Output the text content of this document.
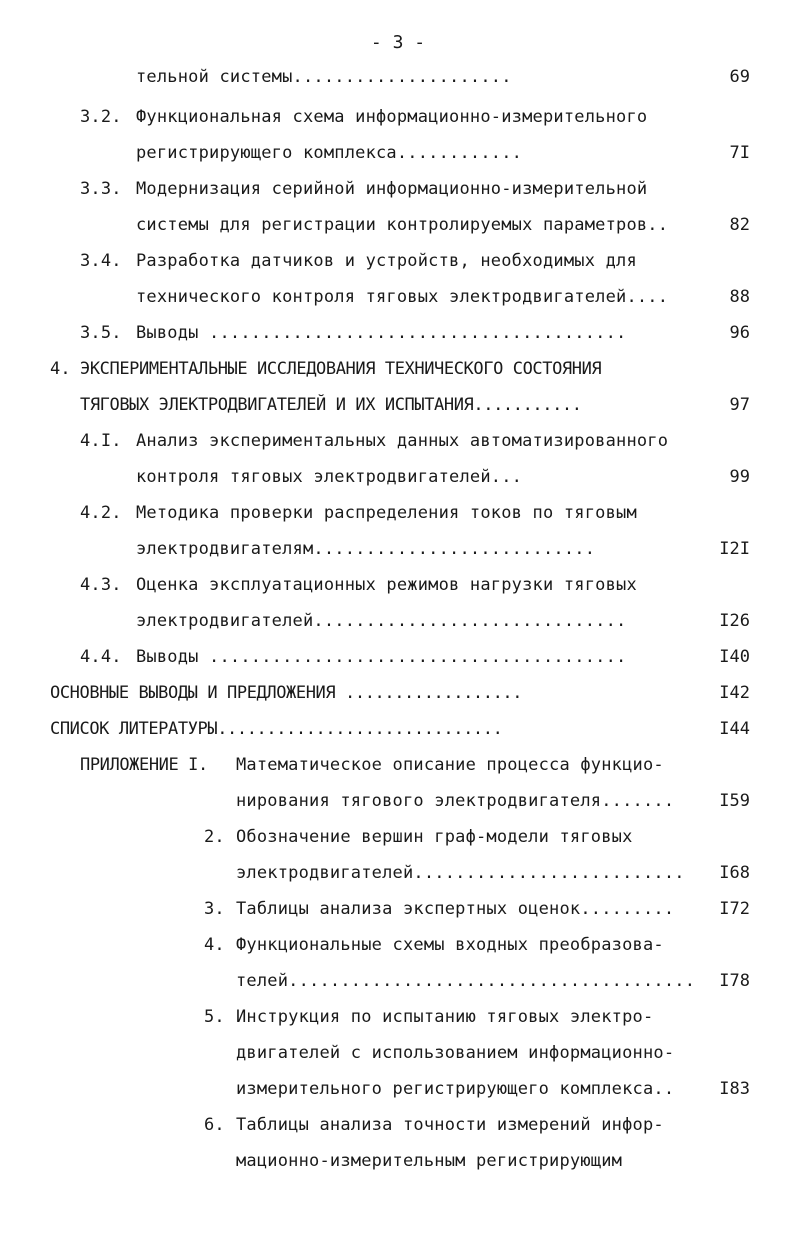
- 3 -
тельной системы.....................	69
3.2. Функциональная схема информационно-измерительного
регистрирующего комплекса............	7I
3.3. Модернизация серийной информационно-измерительной
системы для регистрации контролируемых параметров..	82
3.4. Разработка датчиков и устройств, необходимых для
технического контроля тяговых электродвигателей....	88
3.5. Выводы ........................................	96
4. ЭКСПЕРИМЕНТАЛЬНЫЕ ИССЛЕДОВАНИЯ ТЕХНИЧЕСКОГО СОСТОЯНИЯ
ТЯГОВЫХ ЭЛЕКТРОДВИГАТЕЛЕЙ И ИХ ИСПЫТАНИЯ...........	97
4.I. Анализ экспериментальных данных автоматизированного
контроля тяговых электродвигателей...	99
4.2. Методика проверки распределения токов по тяговым
электродвигателям...........................	I2I
4.3. Оценка эксплуатационных режимов нагрузки тяговых
электродвигателей..............................	I26
4.4. Выводы ........................................	I40
ОСНОВНЫЕ ВЫВОДЫ И ПРЕДЛОЖЕНИЯ ..................	I42
СПИСОК ЛИТЕРАТУРЫ.............................	I44
ПРИЛОЖЕНИЕ I. Математическое описание процесса функцио-
нирования тягового электродвигателя.......	I59
2. Обозначение вершин граф-модели тяговых
электродвигателей.......................... I68
3. Таблицы анализа экспертных оценок.........	I72
4. Функциональные схемы входных преобразова-
телей....................................... I78
5. Инструкция по испытанию тяговых электро-
двигателей с использованием информационно-
измерительного регистрирующего комплекса..	I83
6. Таблицы анализа точности измерений инфор-
мационно-измерительным регистрирующим
